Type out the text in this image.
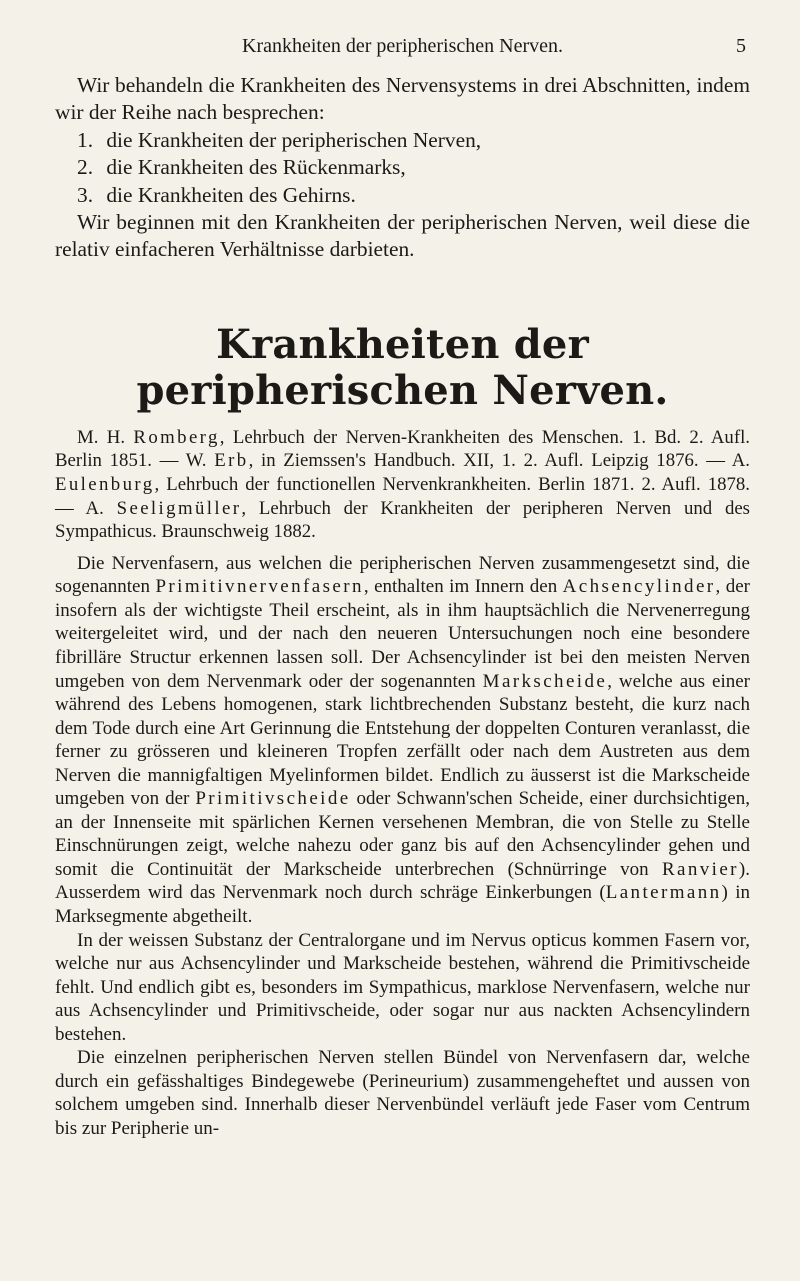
Krankheiten der peripherischen Nerven.	5

Wir behandeln die Krankheiten des Nervensystems in drei Abschnitten, indem wir der Reihe nach besprechen:

1. die Krankheiten der peripherischen Nerven,
2. die Krankheiten des Rückenmarks,
3. die Krankheiten des Gehirns.

Wir beginnen mit den Krankheiten der peripherischen Nerven, weil diese die relativ einfacheren Verhältnisse darbieten.

Krankheiten der peripherischen Nerven.

M. H. Romberg, Lehrbuch der Nerven-Krankheiten des Menschen. 1. Bd. 2. Aufl. Berlin 1851. — W. Erb, in Ziemssen's Handbuch. XII, 1. 2. Aufl. Leipzig 1876. — A. Eulenburg, Lehrbuch der functionellen Nervenkrankheiten. Berlin 1871. 2. Aufl. 1878. — A. Seeligmüller, Lehrbuch der Krankheiten der peripheren Nerven und des Sympathicus. Braunschweig 1882.

Die Nervenfasern, aus welchen die peripherischen Nerven zusammengesetzt sind, die sogenannten Primitivnervenfasern, enthalten im Innern den Achsencylinder, der insofern als der wichtigste Theil erscheint, als in ihm hauptsächlich die Nervenerregung weitergeleitet wird, und der nach den neueren Untersuchungen noch eine besondere fibrilläre Structur erkennen lassen soll. Der Achsencylinder ist bei den meisten Nerven umgeben von dem Nervenmark oder der sogenannten Markscheide, welche aus einer während des Lebens homogenen, stark lichtbrechenden Substanz besteht, die kurz nach dem Tode durch eine Art Gerinnung die Entstehung der doppelten Conturen veranlasst, die ferner zu grösseren und kleineren Tropfen zerfällt oder nach dem Austreten aus dem Nerven die mannigfaltigen Myelinformen bildet. Endlich zu äusserst ist die Markscheide umgeben von der Primitivscheide oder Schwann'schen Scheide, einer durchsichtigen, an der Innenseite mit spärlichen Kernen versehenen Membran, die von Stelle zu Stelle Einschnürungen zeigt, welche nahezu oder ganz bis auf den Achsencylinder gehen und somit die Continuität der Markscheide unterbrechen (Schnürringe von Ranvier). Ausserdem wird das Nervenmark noch durch schräge Einkerbungen (Lantermann) in Marksegmente abgetheilt.

In der weissen Substanz der Centralorgane und im Nervus opticus kommen Fasern vor, welche nur aus Achsencylinder und Markscheide bestehen, während die Primitivscheide fehlt. Und endlich gibt es, besonders im Sympathicus, marklose Nervenfasern, welche nur aus Achsencylinder und Primitivscheide, oder sogar nur aus nackten Achsencylindern bestehen.

Die einzelnen peripherischen Nerven stellen Bündel von Nervenfasern dar, welche durch ein gefässhaltiges Bindegewebe (Perineurium) zusammengeheftet und aussen von solchem umgeben sind. Innerhalb dieser Nervenbündel verläuft jede Faser vom Centrum bis zur Peripherie un-
